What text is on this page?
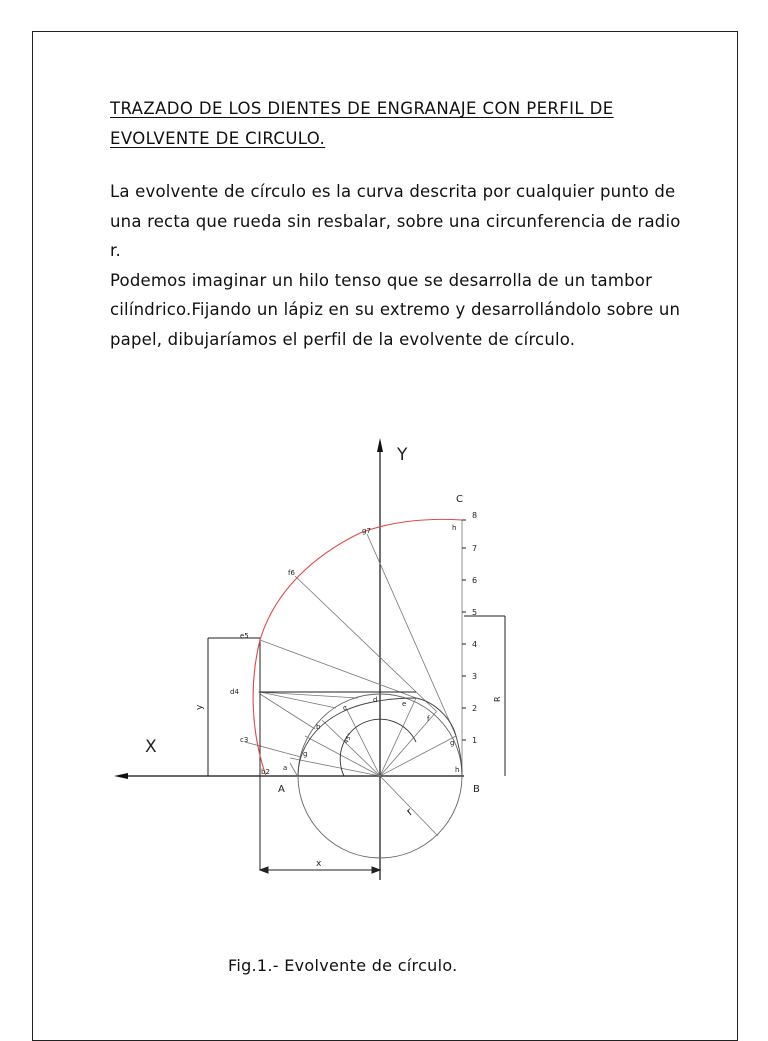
TRAZADO DE LOS DIENTES DE ENGRANAJE CON PERFIL DE
EVOLVENTE DE CIRCULO.

La evolvente de círculo es la curva descrita por cualquier punto de una recta que rueda sin resbalar, sobre una circunferencia de radio r.

Podemos imaginar un hilo tenso que se desarrolla de un tambor cilíndrico.Fijando un lápiz en su extremo y desarrollándolo sobre un papel, dibujaríamos el perfil de la evolvente de círculo.

Y
X
A	B
C
a
b
c
d	e
f
g
h
g
b2
c3
d4
e5
f6
g7	h
1
2
3
4
5
6
7
8
x
y
r
R
45°
Fig.1.- Evolvente de círculo.
